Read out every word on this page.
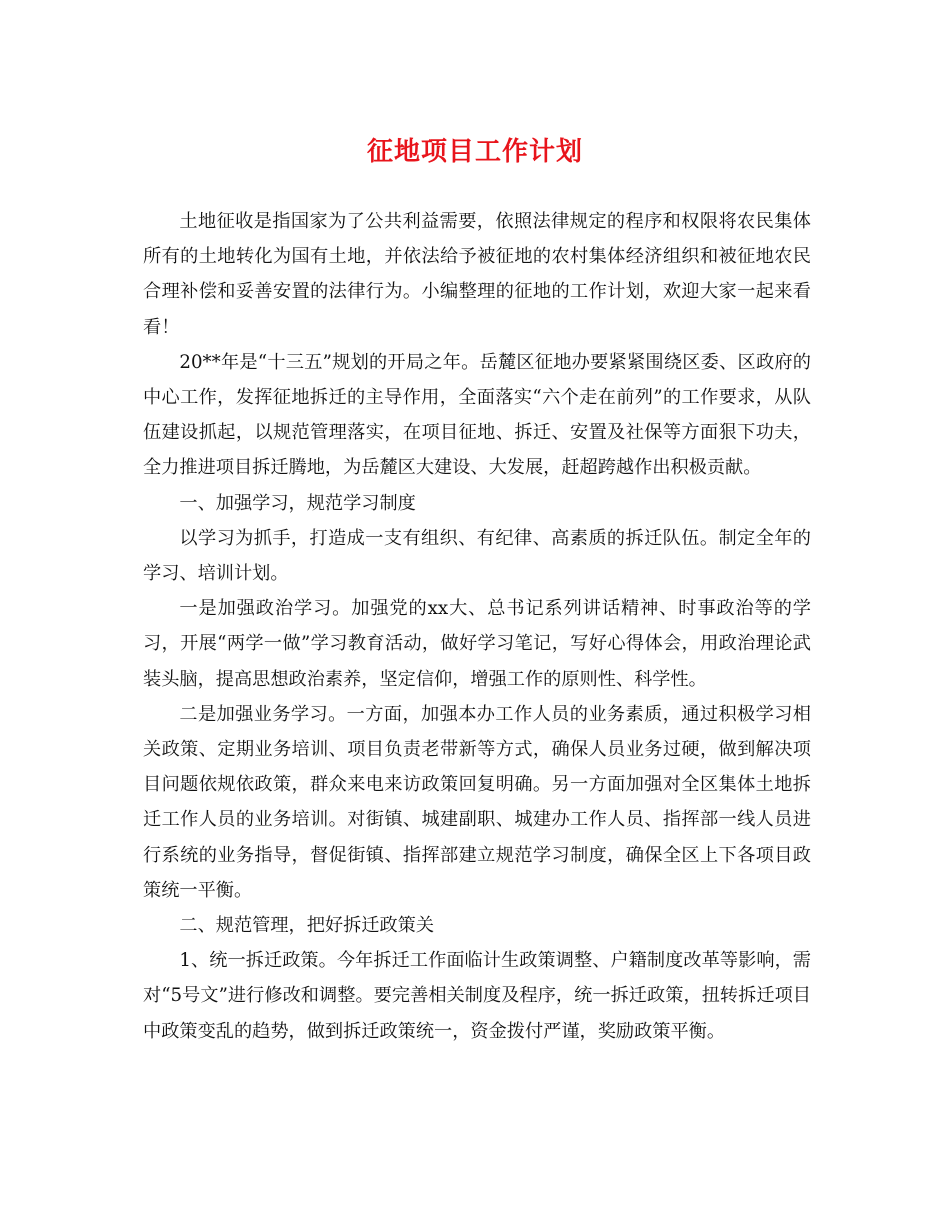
征地项目工作计划

土地征收是指国家为了公共利益需要，依照法律规定的程序和权限将农民集体所有的土地转化为国有土地，并依法给予被征地的农村集体经济组织和被征地农民合理补偿和妥善安置的法律行为。小编整理的征地的工作计划，欢迎大家一起来看看！

20**年是“十三五”规划的开局之年。岳麓区征地办要紧紧围绕区委、区政府的中心工作，发挥征地拆迁的主导作用，全面落实“六个走在前列”的工作要求，从队伍建设抓起，以规范管理落实，在项目征地、拆迁、安置及社保等方面狠下功夫，全力推进项目拆迁腾地，为岳麓区大建设、大发展，赶超跨越作出积极贡献。

一、加强学习，规范学习制度

以学习为抓手，打造成一支有组织、有纪律、高素质的拆迁队伍。制定全年的学习、培训计划。

一是加强政治学习。加强党的xx大、总书记系列讲话精神、时事政治等的学习，开展“两学一做”学习教育活动，做好学习笔记，写好心得体会，用政治理论武装头脑，提高思想政治素养，坚定信仰，增强工作的原则性、科学性。

二是加强业务学习。一方面，加强本办工作人员的业务素质，通过积极学习相关政策、定期业务培训、项目负责老带新等方式，确保人员业务过硬，做到解决项目问题依规依政策，群众来电来访政策回复明确。另一方面加强对全区集体土地拆迁工作人员的业务培训。对街镇、城建副职、城建办工作人员、指挥部一线人员进行系统的业务指导，督促街镇、指挥部建立规范学习制度，确保全区上下各项目政策统一平衡。

二、规范管理，把好拆迁政策关

1、统一拆迁政策。今年拆迁工作面临计生政策调整、户籍制度改革等影响，需对“5号文”进行修改和调整。要完善相关制度及程序，统一拆迁政策，扭转拆迁项目中政策变乱的趋势，做到拆迁政策统一，资金拨付严谨，奖励政策平衡。
